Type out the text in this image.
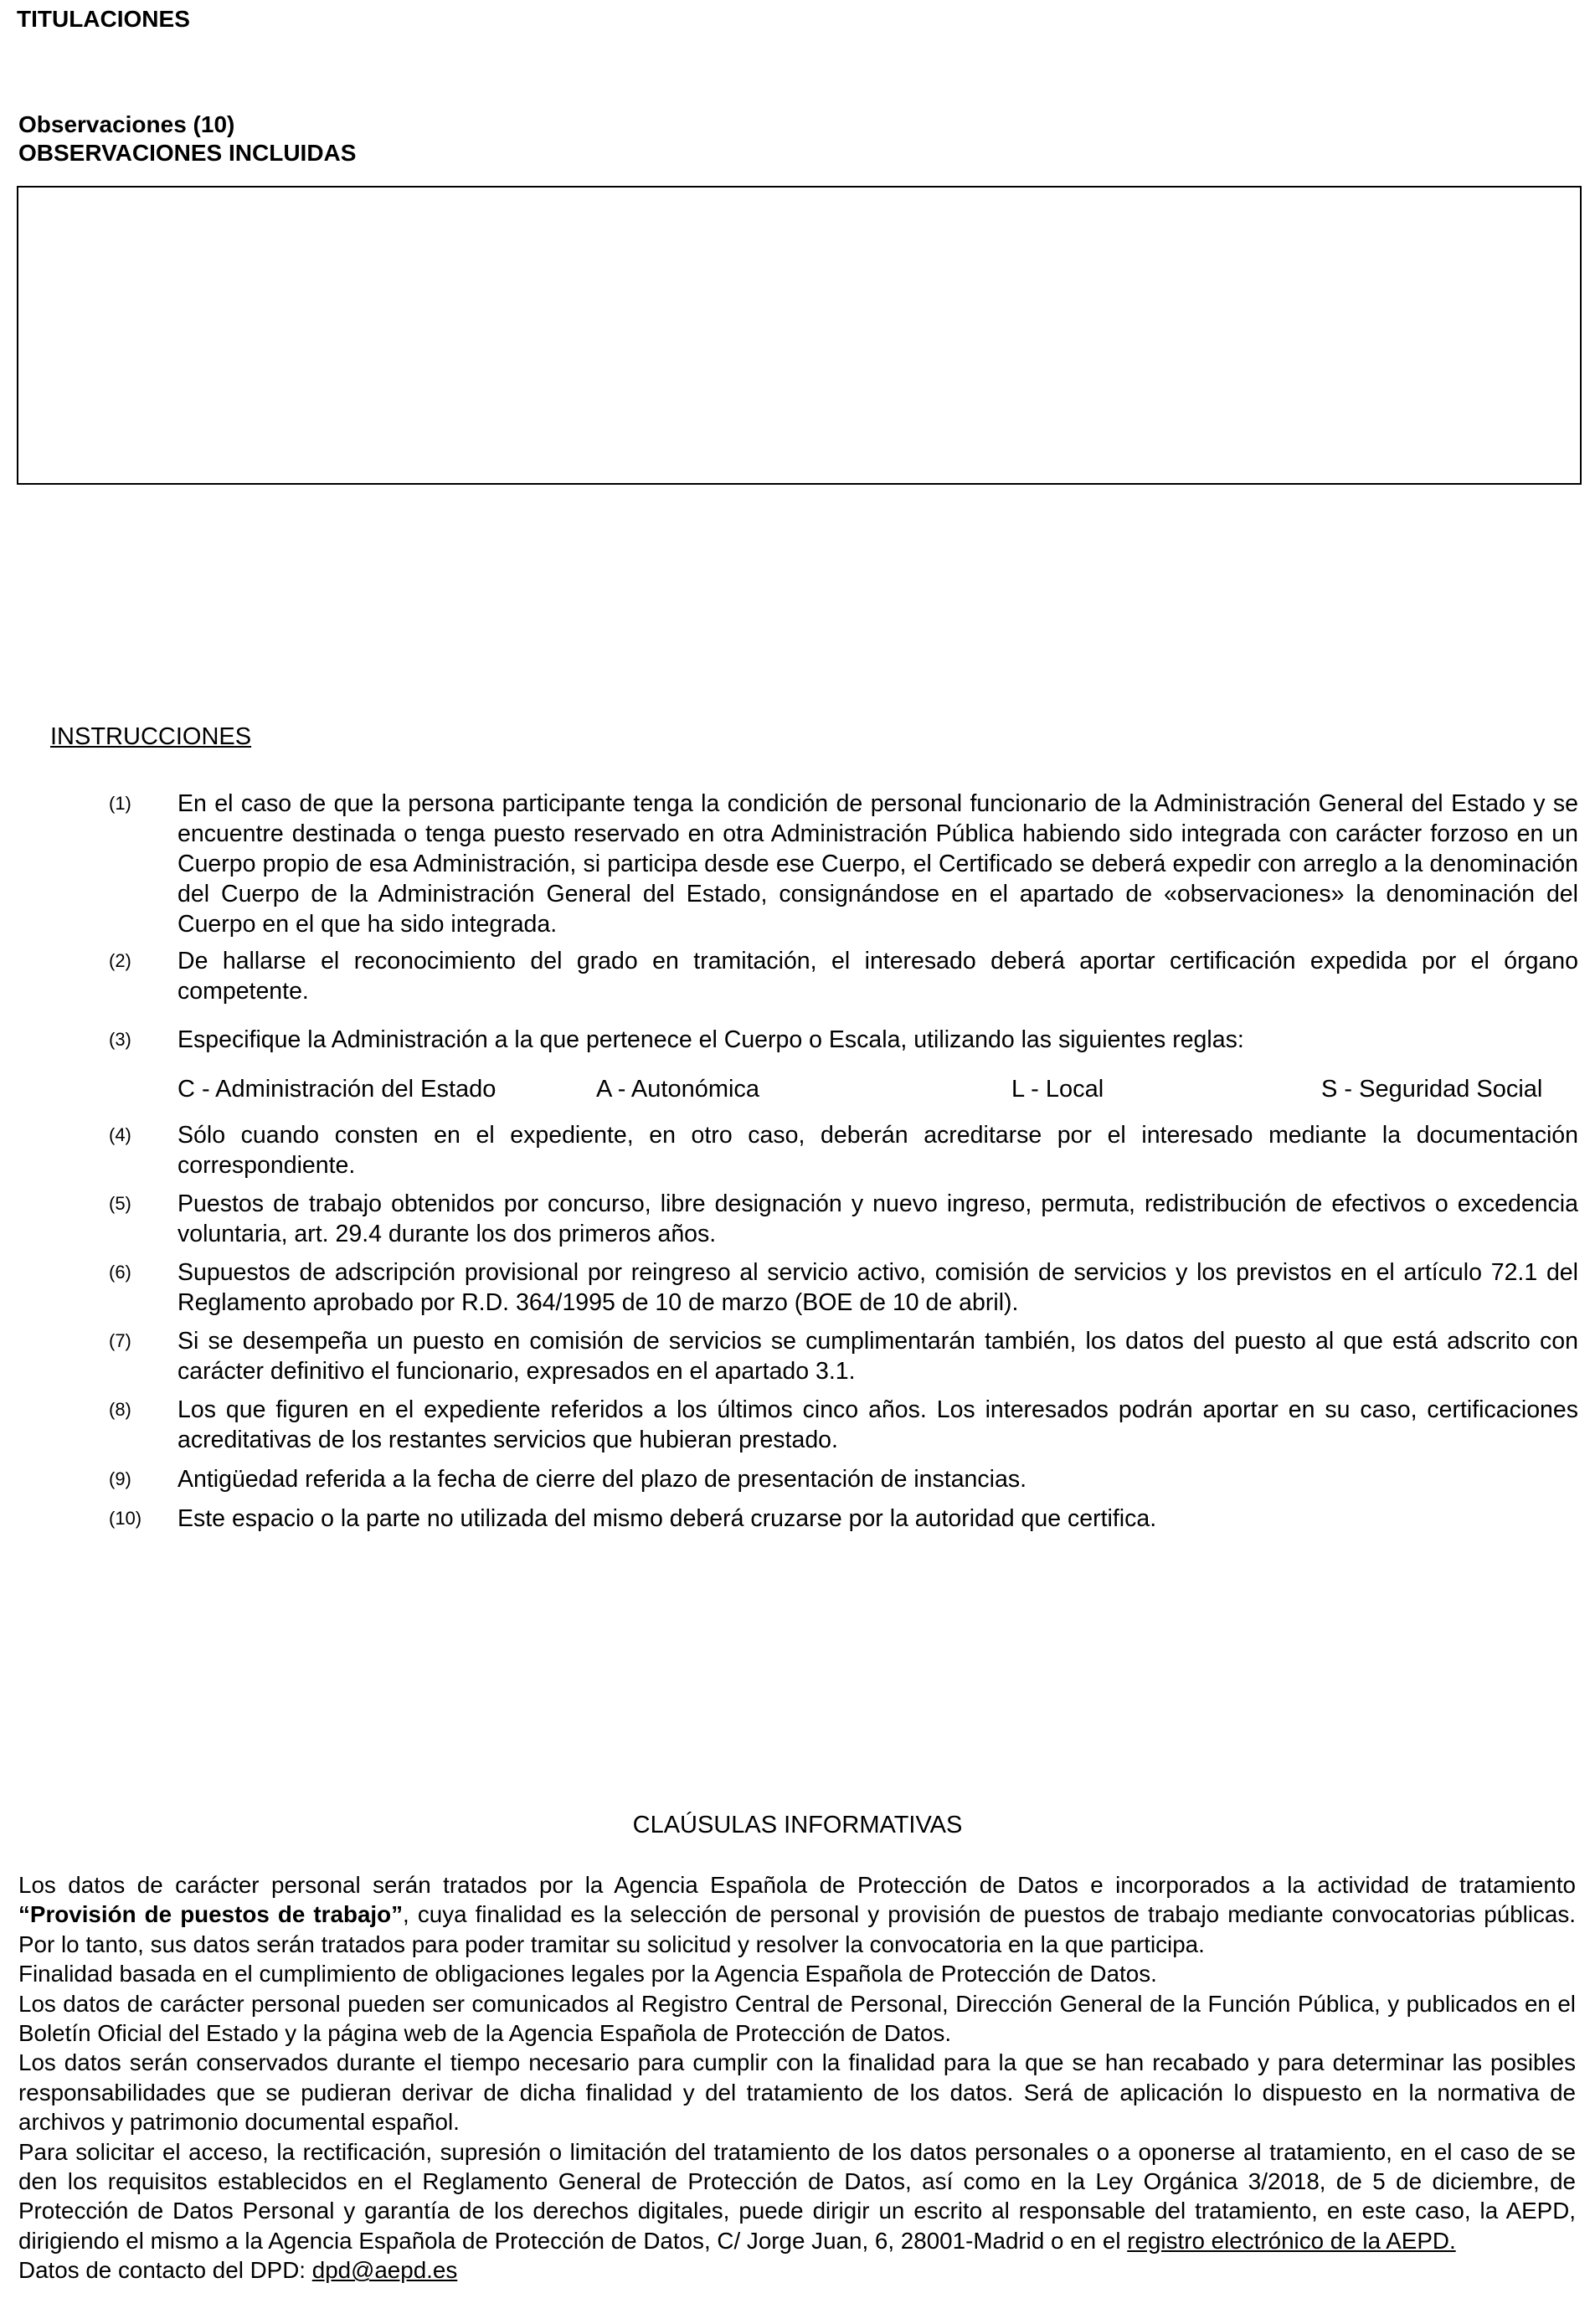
TITULACIONES
Observaciones (10)
OBSERVACIONES INCLUIDAS
INSTRUCCIONES
(1) En el caso de que la persona participante tenga la condición de personal funcionario de la Administración General del Estado y se encuentre destinada o tenga puesto reservado en otra Administración Pública habiendo sido integrada con carácter forzoso en un Cuerpo propio de esa Administración, si participa desde ese Cuerpo, el Certificado se deberá expedir con arreglo a la denominación del Cuerpo de la Administración General del Estado, consignándose en el apartado de «observaciones» la denominación del Cuerpo en el que ha sido integrada.
(2) De hallarse el reconocimiento del grado en tramitación, el interesado deberá aportar certificación expedida por el órgano competente.
(3) Especifique la Administración a la que pertenece el Cuerpo o Escala, utilizando las siguientes reglas:
C - Administración del Estado	A - Autonómica	L - Local	S - Seguridad Social
(4) Sólo cuando consten en el expediente, en otro caso, deberán acreditarse por el interesado mediante la documentación correspondiente.
(5) Puestos de trabajo obtenidos por concurso, libre designación y nuevo ingreso, permuta, redistribución de efectivos o excedencia voluntaria, art. 29.4 durante los dos primeros años.
(6) Supuestos de adscripción provisional por reingreso al servicio activo, comisión de servicios y los previstos en el artículo 72.1 del Reglamento aprobado por R.D. 364/1995 de 10 de marzo (BOE de 10 de abril).
(7) Si se desempeña un puesto en comisión de servicios se cumplimentarán también, los datos del puesto al que está adscrito con carácter definitivo el funcionario, expresados en el apartado 3.1.
(8) Los que figuren en el expediente referidos a los últimos cinco años. Los interesados podrán aportar en su caso, certificaciones acreditativas de los restantes servicios que hubieran prestado.
(9) Antigüedad referida a la fecha de cierre del plazo de presentación de instancias.
(10) Este espacio o la parte no utilizada del mismo deberá cruzarse por la autoridad que certifica.
CLAÚSULAS INFORMATIVAS

Los datos de carácter personal serán tratados por la Agencia Española de Protección de Datos e incorporados a la actividad de tratamiento “Provisión de puestos de trabajo”, cuya finalidad es la selección de personal y provisión de puestos de trabajo mediante convocatorias públicas. Por lo tanto, sus datos serán tratados para poder tramitar su solicitud y resolver la convocatoria en la que participa.

Finalidad basada en el cumplimiento de obligaciones legales por la Agencia Española de Protección de Datos.

Los datos de carácter personal pueden ser comunicados al Registro Central de Personal, Dirección General de la Función Pública, y publicados en el Boletín Oficial del Estado y la página web de la Agencia Española de Protección de Datos.

Los datos serán conservados durante el tiempo necesario para cumplir con la finalidad para la que se han recabado y para determinar las posibles responsabilidades que se pudieran derivar de dicha finalidad y del tratamiento de los datos. Será de aplicación lo dispuesto en la normativa de archivos y patrimonio documental español.

Para solicitar el acceso, la rectificación, supresión o limitación del tratamiento de los datos personales o a oponerse al tratamiento, en el caso de se den los requisitos establecidos en el Reglamento General de Protección de Datos, así como en la Ley Orgánica 3/2018, de 5 de diciembre, de Protección de Datos Personal y garantía de los derechos digitales, puede dirigir un escrito al responsable del tratamiento, en este caso, la AEPD, dirigiendo el mismo a la Agencia Española de Protección de Datos, C/ Jorge Juan, 6, 28001-Madrid o en el registro electrónico de la AEPD.

Datos de contacto del DPD: dpd@aepd.es
